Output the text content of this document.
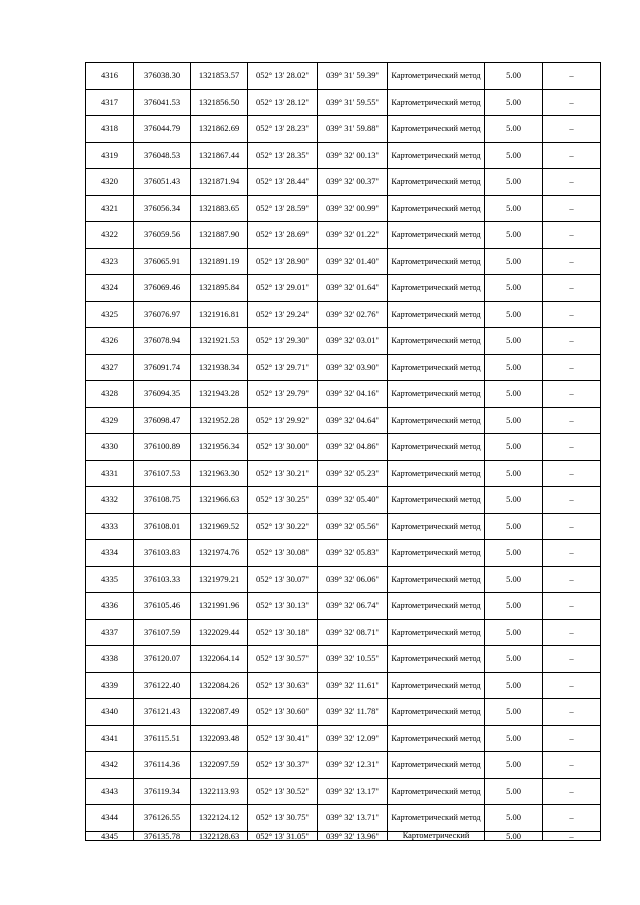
4316	376038.30	1321853.57	052° 13' 28.02"	039° 31' 59.39"	Картометрический метод	5.00	–
4317	376041.53	1321856.50	052° 13' 28.12"	039° 31' 59.55"	Картометрический метод	5.00	–
4318	376044.79	1321862.69	052° 13' 28.23"	039° 31' 59.88"	Картометрический метод	5.00	–
4319	376048.53	1321867.44	052° 13' 28.35"	039° 32' 00.13"	Картометрический метод	5.00	–
4320	376051.43	1321871.94	052° 13' 28.44"	039° 32' 00.37"	Картометрический метод	5.00	–
4321	376056.34	1321883.65	052° 13' 28.59"	039° 32' 00.99"	Картометрический метод	5.00	–
4322	376059.56	1321887.90	052° 13' 28.69"	039° 32' 01.22"	Картометрический метод	5.00	–
4323	376065.91	1321891.19	052° 13' 28.90"	039° 32' 01.40"	Картометрический метод	5.00	–
4324	376069.46	1321895.84	052° 13' 29.01"	039° 32' 01.64"	Картометрический метод	5.00	–
4325	376076.97	1321916.81	052° 13' 29.24"	039° 32' 02.76"	Картометрический метод	5.00	–
4326	376078.94	1321921.53	052° 13' 29.30"	039° 32' 03.01"	Картометрический метод	5.00	–
4327	376091.74	1321938.34	052° 13' 29.71"	039° 32' 03.90"	Картометрический метод	5.00	–
4328	376094.35	1321943.28	052° 13' 29.79"	039° 32' 04.16"	Картометрический метод	5.00	–
4329	376098.47	1321952.28	052° 13' 29.92"	039° 32' 04.64"	Картометрический метод	5.00	–
4330	376100.89	1321956.34	052° 13' 30.00"	039° 32' 04.86"	Картометрический метод	5.00	–
4331	376107.53	1321963.30	052° 13' 30.21"	039° 32' 05.23"	Картометрический метод	5.00	–
4332	376108.75	1321966.63	052° 13' 30.25"	039° 32' 05.40"	Картометрический метод	5.00	–
4333	376108.01	1321969.52	052° 13' 30.22"	039° 32' 05.56"	Картометрический метод	5.00	–
4334	376103.83	1321974.76	052° 13' 30.08"	039° 32' 05.83"	Картометрический метод	5.00	–
4335	376103.33	1321979.21	052° 13' 30.07"	039° 32' 06.06"	Картометрический метод	5.00	–
4336	376105.46	1321991.96	052° 13' 30.13"	039° 32' 06.74"	Картометрический метод	5.00	–
4337	376107.59	1322029.44	052° 13' 30.18"	039° 32' 08.71"	Картометрический метод	5.00	–
4338	376120.07	1322064.14	052° 13' 30.57"	039° 32' 10.55"	Картометрический метод	5.00	–
4339	376122.40	1322084.26	052° 13' 30.63"	039° 32' 11.61"	Картометрический метод	5.00	–
4340	376121.43	1322087.49	052° 13' 30.60"	039° 32' 11.78"	Картометрический метод	5.00	–
4341	376115.51	1322093.48	052° 13' 30.41"	039° 32' 12.09"	Картометрический метод	5.00	–
4342	376114.36	1322097.59	052° 13' 30.37"	039° 32' 12.31"	Картометрический метод	5.00	–
4343	376119.34	1322113.93	052° 13' 30.52"	039° 32' 13.17"	Картометрический метод	5.00	–
4344	376126.55	1322124.12	052° 13' 30.75"	039° 32' 13.71"	Картометрический метод	5.00	–
4345	376135.78	1322128.63	052° 13' 31.05"	039° 32' 13.96"	Картометрический	5.00	–
